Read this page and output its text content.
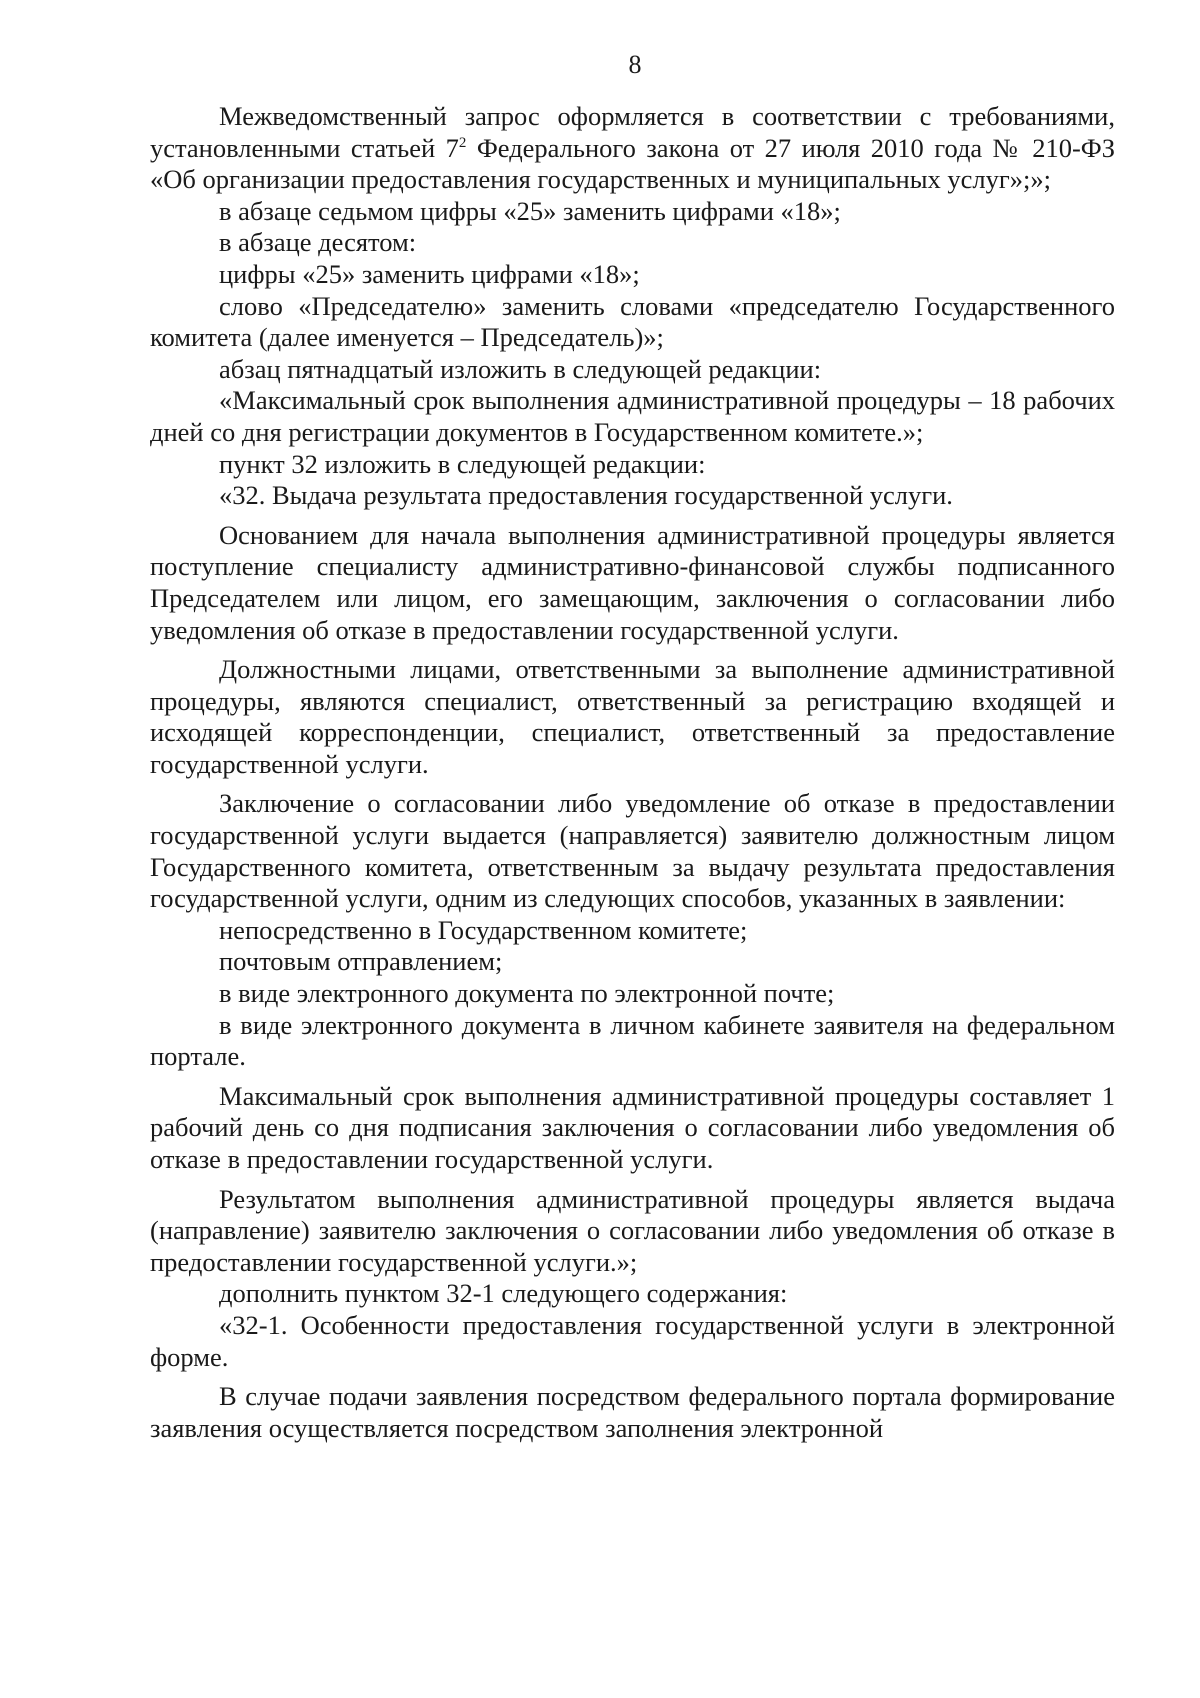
8

Межведомственный запрос оформляется в соответствии с требованиями, установленными статьей $7^2$ Федерального закона от 27 июля 2010 года № 210-ФЗ «Об организации предоставления государственных и муниципальных услуг»;»;

в абзаце седьмом цифры «25» заменить цифрами «18»;

в абзаце десятом:

цифры «25» заменить цифрами «18»;

слово «Председателю» заменить словами «председателю Государственного комитета (далее именуется – Председатель)»;

абзац пятнадцатый изложить в следующей редакции:

«Максимальный срок выполнения административной процедуры – 18 рабочих дней со дня регистрации документов в Государственном комитете.»;

пункт 32 изложить в следующей редакции:

«32. Выдача результата предоставления государственной услуги.

Основанием для начала выполнения административной процедуры является поступление специалисту административно-финансовой службы подписанного Председателем или лицом, его замещающим, заключения о согласовании либо уведомления об отказе в предоставлении государственной услуги.

Должностными лицами, ответственными за выполнение административной процедуры, являются специалист, ответственный за регистрацию входящей и исходящей корреспонденции, специалист, ответственный за предоставление государственной услуги.

Заключение о согласовании либо уведомление об отказе в предоставлении государственной услуги выдается (направляется) заявителю должностным лицом Государственного комитета, ответственным за выдачу результата предоставления государственной услуги, одним из следующих способов, указанных в заявлении:

непосредственно в Государственном комитете;

почтовым отправлением;

в виде электронного документа по электронной почте;

в виде электронного документа в личном кабинете заявителя на федеральном портале.

Максимальный срок выполнения административной процедуры составляет 1 рабочий день со дня подписания заключения о согласовании либо уведомления об отказе в предоставлении государственной услуги.

Результатом выполнения административной процедуры является выдача (направление) заявителю заключения о согласовании либо уведомления об отказе в предоставлении государственной услуги.»;

дополнить пунктом 32-1 следующего содержания:

«32-1. Особенности предоставления государственной услуги в электронной форме.

В случае подачи заявления посредством федерального портала формирование заявления осуществляется посредством заполнения электронной
